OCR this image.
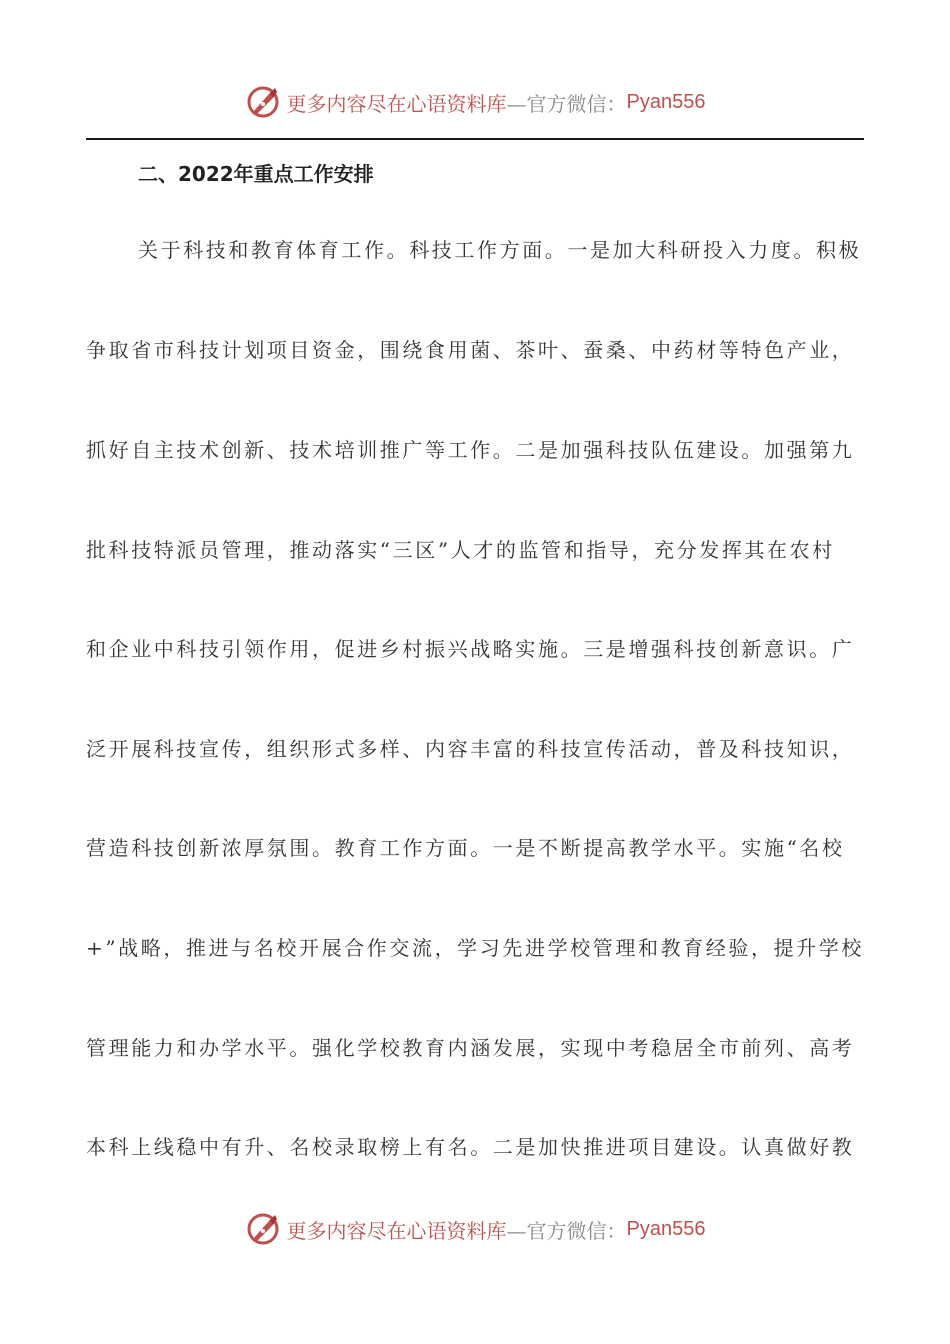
更多内容尽在心语资料库 —官方微信： Pyan556
二、2022年重点工作安排
关于科技和教育体育工作。科技工作方面。一是加大科研投入力度。积极
争取省市科技计划项目资金，围绕食用菌、茶叶、蚕桑、中药材等特色产业，
抓好自主技术创新、技术培训推广等工作。二是加强科技队伍建设。加强第九
批科技特派员管理，推动落实“三区”人才的监管和指导，充分发挥其在农村
和企业中科技引领作用，促进乡村振兴战略实施。三是增强科技创新意识。广
泛开展科技宣传，组织形式多样、内容丰富的科技宣传活动，普及科技知识，
营造科技创新浓厚氛围。教育工作方面。一是不断提高教学水平。实施“名校
+”战略，推进与名校开展合作交流，学习先进学校管理和教育经验，提升学校
管理能力和办学水平。强化学校教育内涵发展，实现中考稳居全市前列、高考
本科上线稳中有升、名校录取榜上有名。二是加快推进项目建设。认真做好教
更多内容尽在心语资料库 —官方微信： Pyan556
